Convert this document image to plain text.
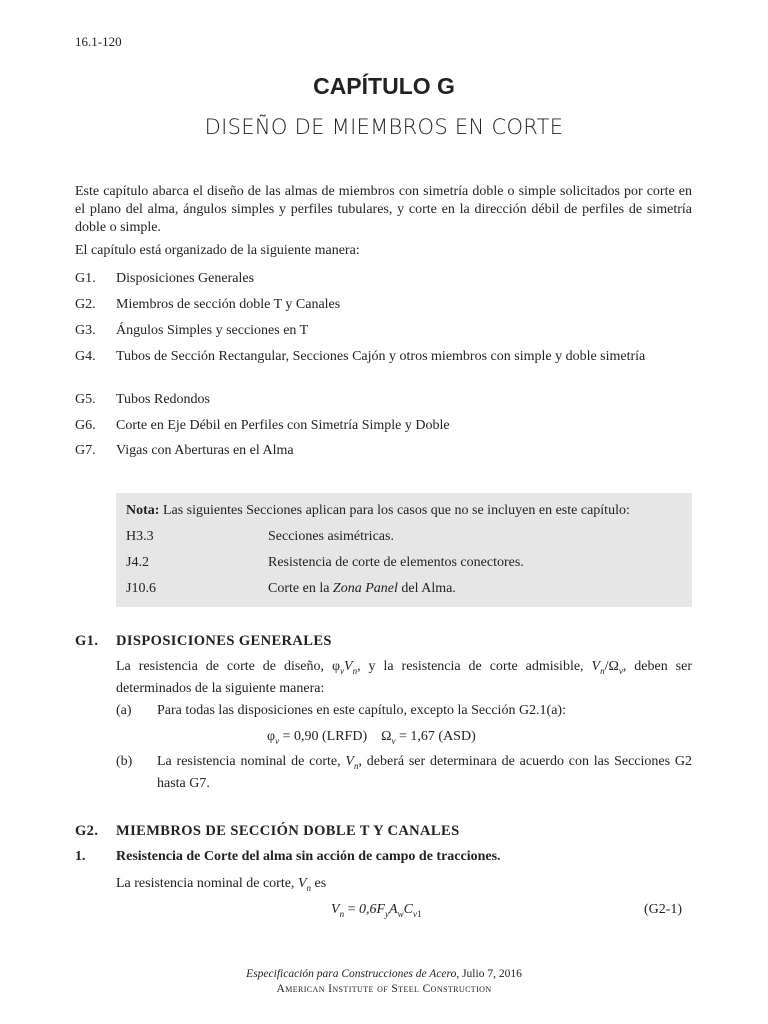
16.1-120
CAPÍTULO G
DISEÑO DE MIEMBROS EN CORTE
Este capítulo abarca el diseño de las almas de miembros con simetría doble o simple solicitados por corte en el plano del alma, ángulos simples y perfiles tubulares, y corte en la dirección débil de perfiles de simetría doble o simple.
El capítulo está organizado de la siguiente manera:
G1. Disposiciones Generales
G2. Miembros de sección doble T y Canales
G3. Ángulos Simples y secciones en T
G4. Tubos de Sección Rectangular, Secciones Cajón y otros miembros con simple y doble simetría
G5. Tubos Redondos
G6. Corte en Eje Débil en Perfiles con Simetría Simple y Doble
G7. Vigas con Aberturas en el Alma
Nota: Las siguientes Secciones aplican para los casos que no se incluyen en este capítulo:
H3.3	Secciones asimétricas.
J4.2	Resistencia de corte de elementos conectores.
J10.6	Corte en la Zona Panel del Alma.
G1. DISPOSICIONES GENERALES
La resistencia de corte de diseño, $\varphi_vV_n$, y la resistencia de corte admisible, $V_n/\Omega_v$, deben ser determinados de la siguiente manera:
(a) Para todas las disposiciones en este capítulo, excepto la Sección G2.1(a):
$\varphi_v = 0,90$ (LRFD)    $\Omega_v = 1,67$ (ASD)
(b) La resistencia nominal de corte, $V_n$, deberá ser determinara de acuerdo con las Secciones G2 hasta G7.
G2. MIEMBROS DE SECCIÓN DOBLE T Y CANALES
1. Resistencia de Corte del alma sin acción de campo de tracciones.
La resistencia nominal de corte, $V_n$ es
$V_n = 0,6F_yA_wC_{v1}$	(G2-1)
Especificación para Construcciones de Acero, Julio 7, 2016
American Institute of Steel Construction
